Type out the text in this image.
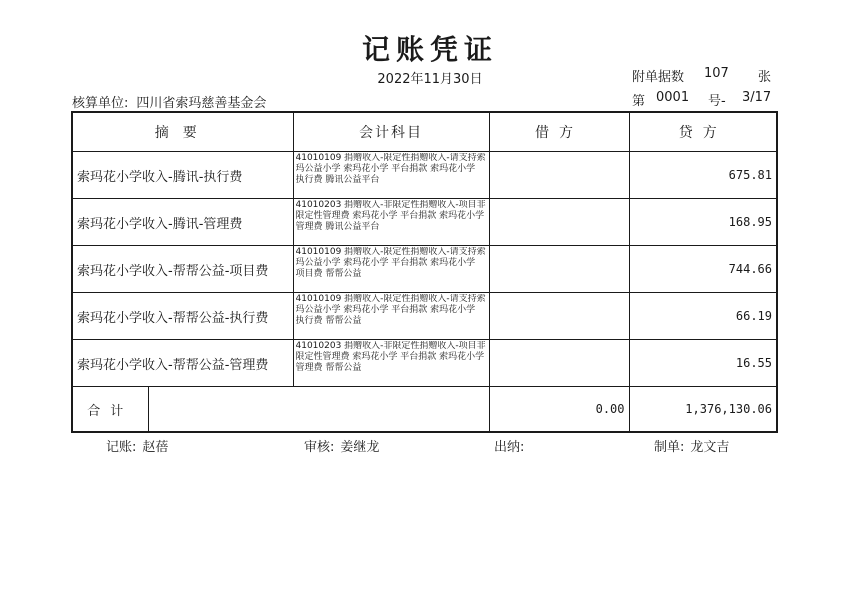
记账凭证
2022年11月30日	附单据数 107 张
核算单位: 四川省索玛慈善基金会	第 0001 号- 3/17
摘要		会计科目	借方	贷方
索玛花小学收入-腾讯-执行费		41010109 捐赠收入-限定性捐赠收入-请支持索玛公益小学 索玛花小学 平台捐款 索玛花小学 执行费 腾讯公益平台		675.81
索玛花小学收入-腾讯-管理费		41010203 捐赠收入-非限定性捐赠收入-项目非限定性管理费 索玛花小学 平台捐款 索玛花小学 管理费 腾讯公益平台		168.95
索玛花小学收入-帮帮公益-项目费		41010109 捐赠收入-限定性捐赠收入-请支持索玛公益小学 索玛花小学 平台捐款 索玛花小学 项目费 帮帮公益		744.66
索玛花小学收入-帮帮公益-执行费		41010109 捐赠收入-限定性捐赠收入-请支持索玛公益小学 索玛花小学 平台捐款 索玛花小学 执行费 帮帮公益		66.19
索玛花小学收入-帮帮公益-管理费		41010203 捐赠收入-非限定性捐赠收入-项目非限定性管理费 索玛花小学 平台捐款 索玛花小学 管理费 帮帮公益		16.55
合计			0.00	1,376,130.06
记账: 赵蓓	审核: 姜继龙	出纳:	制单: 龙文吉
